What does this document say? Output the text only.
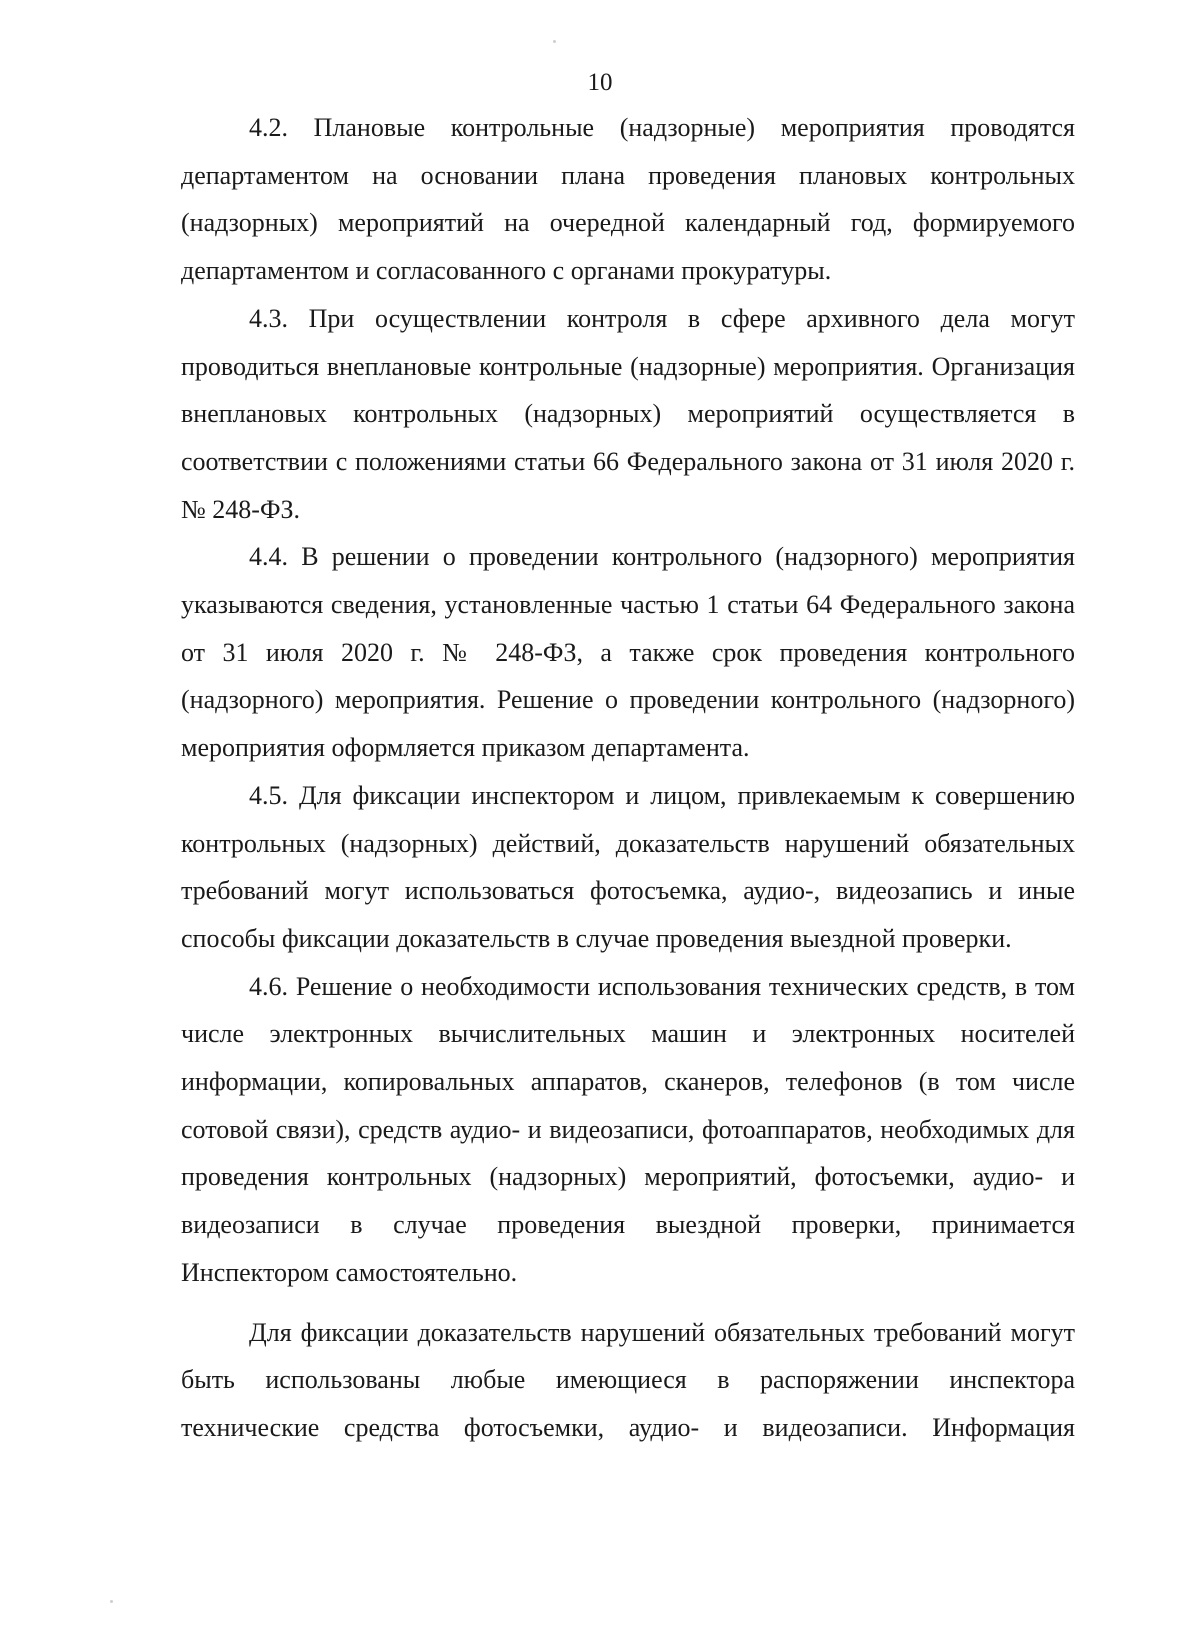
10

4.2. Плановые контрольные (надзорные) мероприятия проводятся департаментом на основании плана проведения плановых контрольных (надзорных) мероприятий на очередной календарный год, формируемого департаментом и согласованного с органами прокуратуры.

4.3. При осуществлении контроля в сфере архивного дела могут проводиться внеплановые контрольные (надзорные) мероприятия. Организация внеплановых контрольных (надзорных) мероприятий осуществляется в соответствии с положениями статьи 66 Федерального закона от 31 июля 2020 г. № 248-ФЗ.

4.4. В решении о проведении контрольного (надзорного) мероприятия указываются сведения, установленные частью 1 статьи 64 Федерального закона от 31 июля 2020 г. № 248-ФЗ, а также срок проведения контрольного (надзорного) мероприятия. Решение о проведении контрольного (надзорного) мероприятия оформляется приказом департамента.

4.5. Для фиксации инспектором и лицом, привлекаемым к совершению контрольных (надзорных) действий, доказательств нарушений обязательных требований могут использоваться фотосъемка, аудио-, видеозапись и иные способы фиксации доказательств в случае проведения выездной проверки.

4.6. Решение о необходимости использования технических средств, в том числе электронных вычислительных машин и электронных носителей информации, копировальных аппаратов, сканеров, телефонов (в том числе сотовой связи), средств аудио- и видеозаписи, фотоаппаратов, необходимых для проведения контрольных (надзорных) мероприятий, фотосъемки, аудио- и видеозаписи в случае проведения выездной проверки, принимается Инспектором самостоятельно.

Для фиксации доказательств нарушений обязательных требований могут быть использованы любые имеющиеся в распоряжении инспектора технические средства фотосъемки, аудио- и видеозаписи. Информация
